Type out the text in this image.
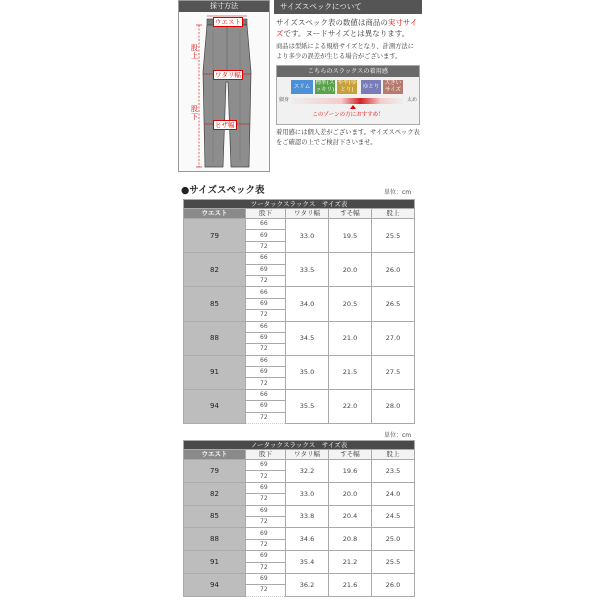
採寸方法
ウエスト
股上
ワタリ幅
股下
ヒザ幅
サイズスペックについて
サイズスペック表の数値は商品の実寸サイズです。ヌードサイズとは異なります。
商品は型紙による規格サイズとなり、計測方法により多少の誤差が生じる場合がございます。
こちらのスラックスの着用感
スリム
標準(スッキリ)
やや(ゆとり)
ゆとり
大きいサイズ
細身	太め
このゾーンの方におすすめ！
着用感には個人差がございます。サイズスペック表をご確認の上でご検討下さいませ。
●サイズスペック表	単位：cm
ツータックスラックス　サイズ表				
ウエスト	股下	ワタリ幅	すそ幅	股上
79	66	33.0	19.5	25.5
	69			
	72			
82	66	33.5	20.0	26.0
	69			
	72			
85	66	34.0	20.5	26.5
	69			
	72			
88	66	34.5	21.0	27.0
	69			
	72			
91	66	35.0	21.5	27.5
	69			
	72			
94	66	35.5	22.0	28.0
	69			
	72			
単位：cm
ノータックスラックス　サイズ表				
ウエスト	股下	ワタリ幅	すそ幅	股上
79	69	32.2	19.6	23.5
	72			
82	69	33.0	20.0	24.0
	72			
85	69	33.8	20.4	24.5
	72			
88	69	34.6	20.8	25.0
	72			
91	69	35.4	21.2	25.5
	72			
94	69	36.2	21.6	26.0
	72			
